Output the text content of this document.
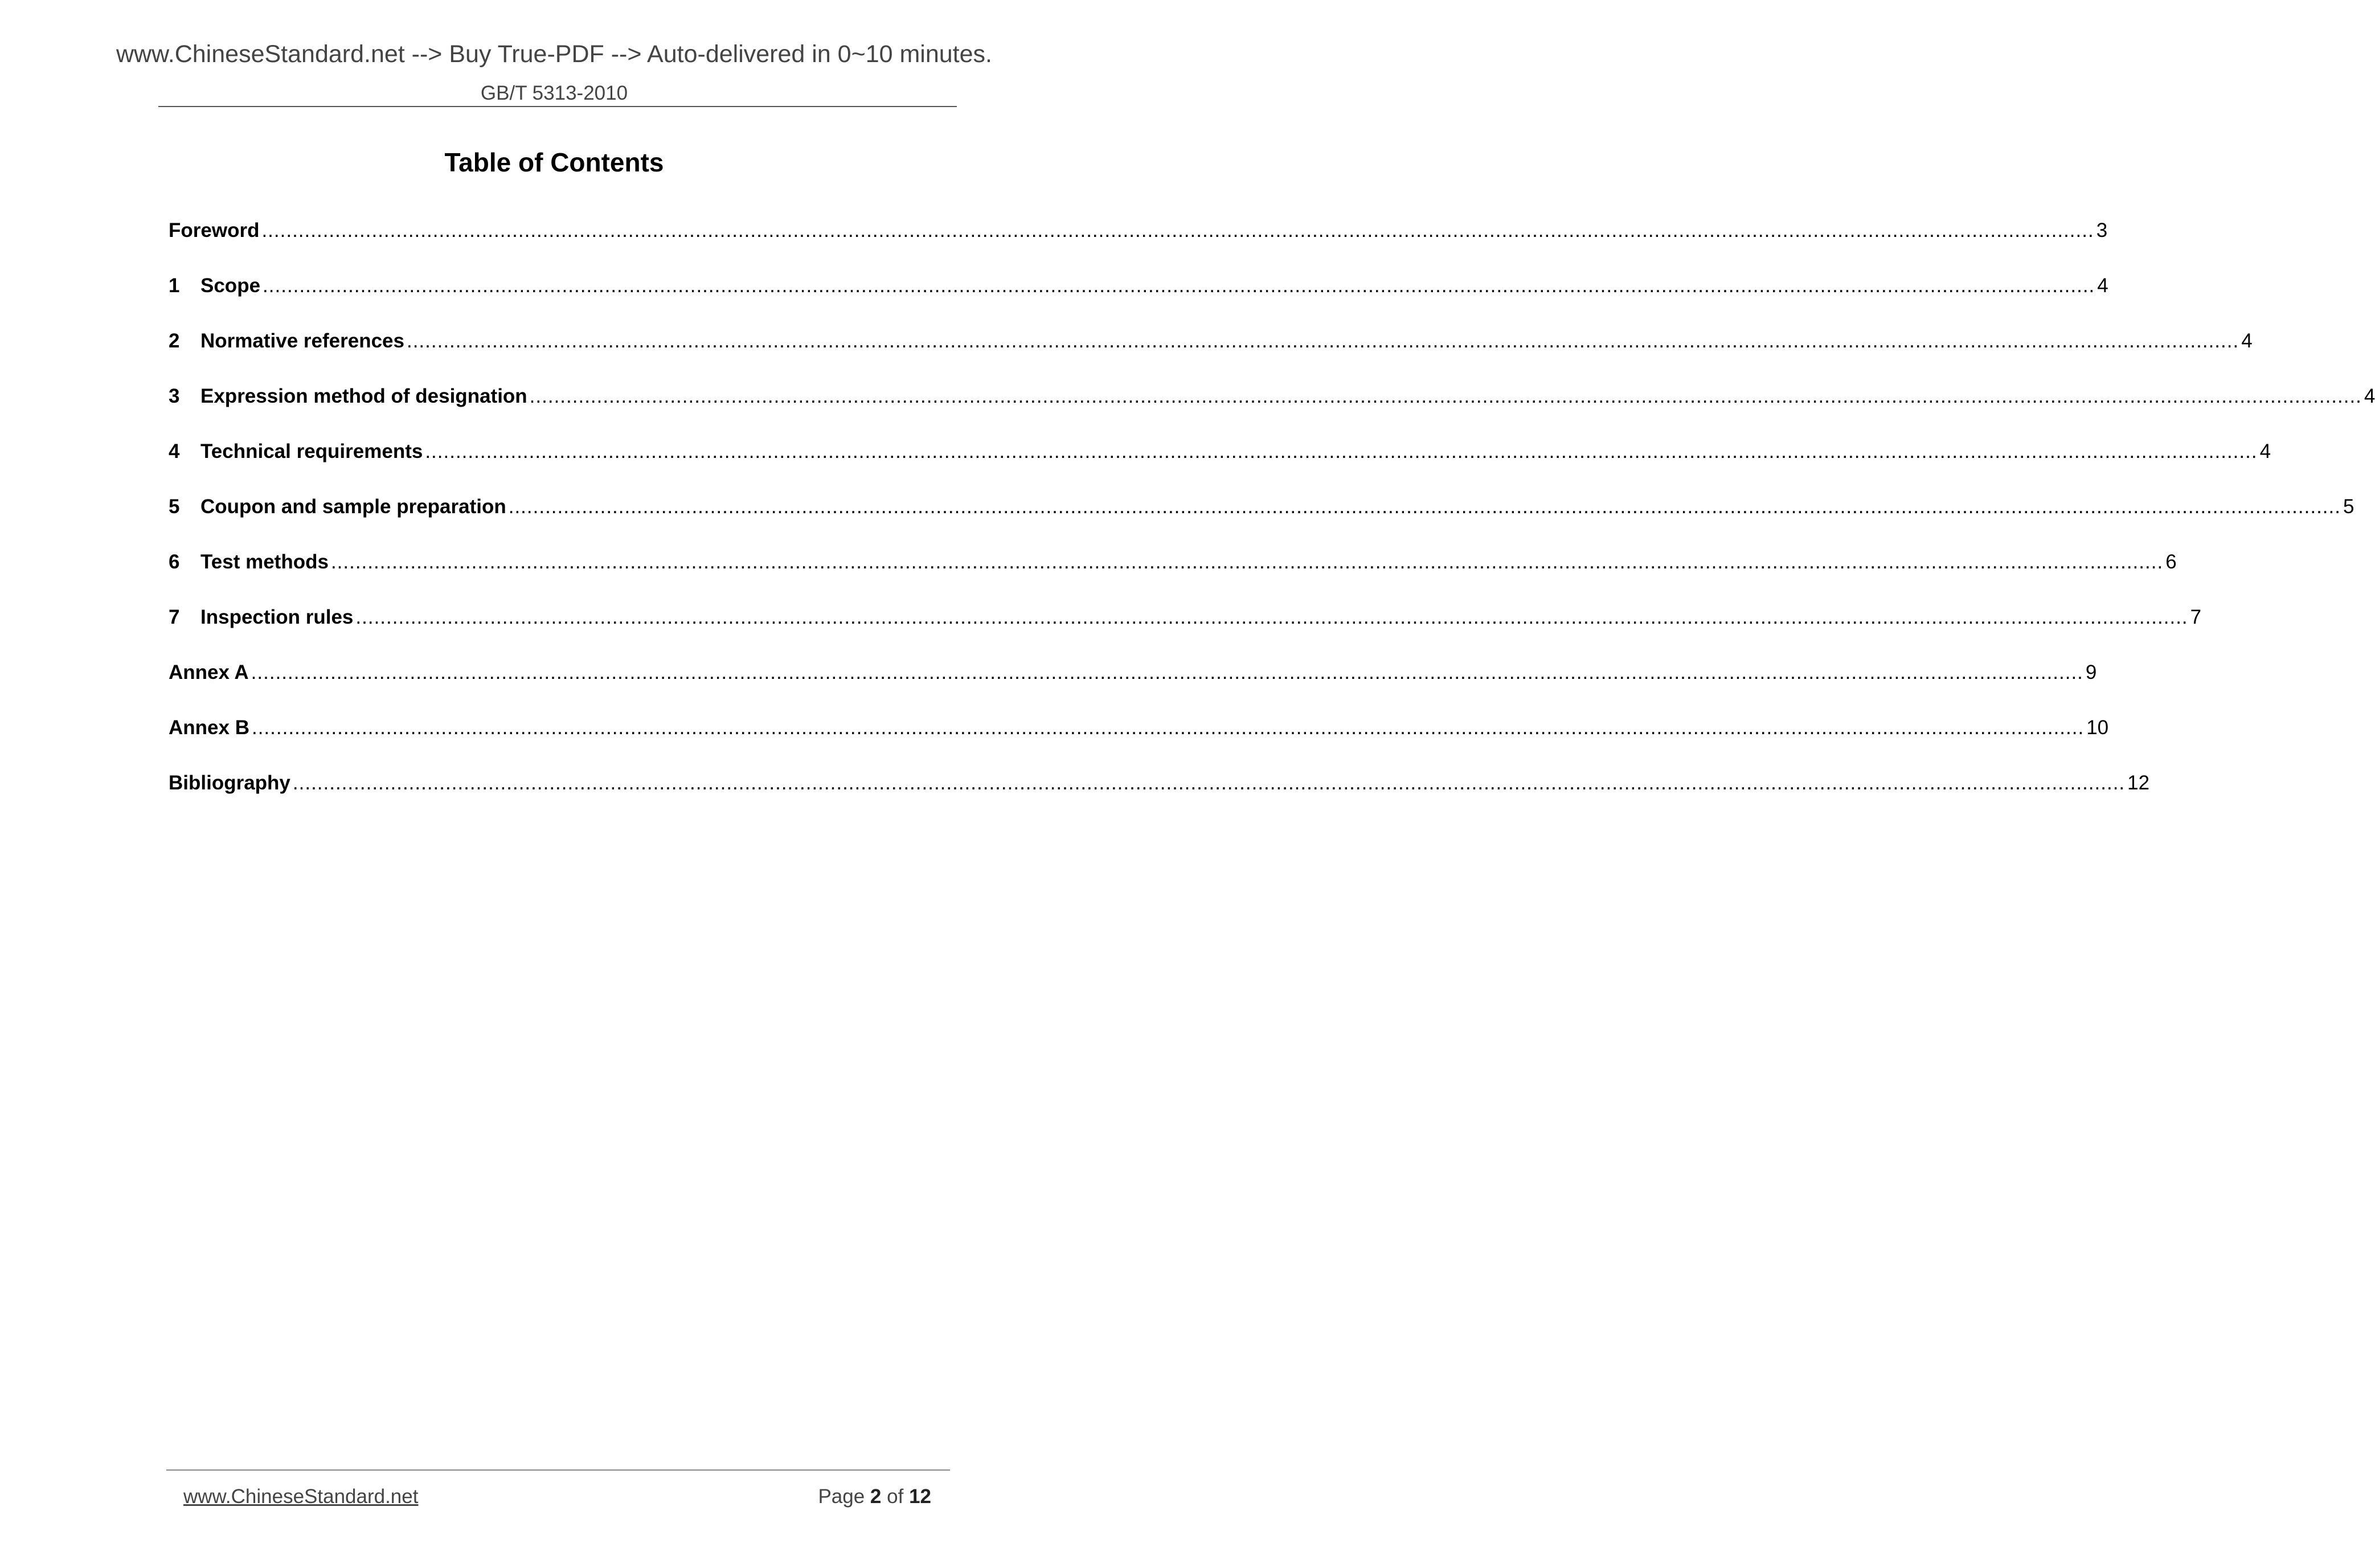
www.ChineseStandard.net --> Buy True-PDF --> Auto-delivered in 0~10 minutes.
GB/T 5313-2010
Table of Contents
Foreword ............................................................................................................................................................................................................................................................................................................ 3
1	Scope ............................................................................................................................................................................................................................................................................................................ 4
2	Normative references ............................................................................................................................................................................................................................................................................................................ 4
3	Expression method of designation ............................................................................................................................................................................................................................................................................................................ 4
4	Technical requirements ............................................................................................................................................................................................................................................................................................................ 4
5	Coupon and sample preparation ............................................................................................................................................................................................................................................................................................................ 5
6	Test methods ............................................................................................................................................................................................................................................................................................................ 6
7	Inspection rules ............................................................................................................................................................................................................................................................................................................ 7
Annex A ............................................................................................................................................................................................................................................................................................................ 9
Annex B ............................................................................................................................................................................................................................................................................................................ 10
Bibliography ............................................................................................................................................................................................................................................................................................................ 12
www.ChineseStandard.net	Page 2 of 12
